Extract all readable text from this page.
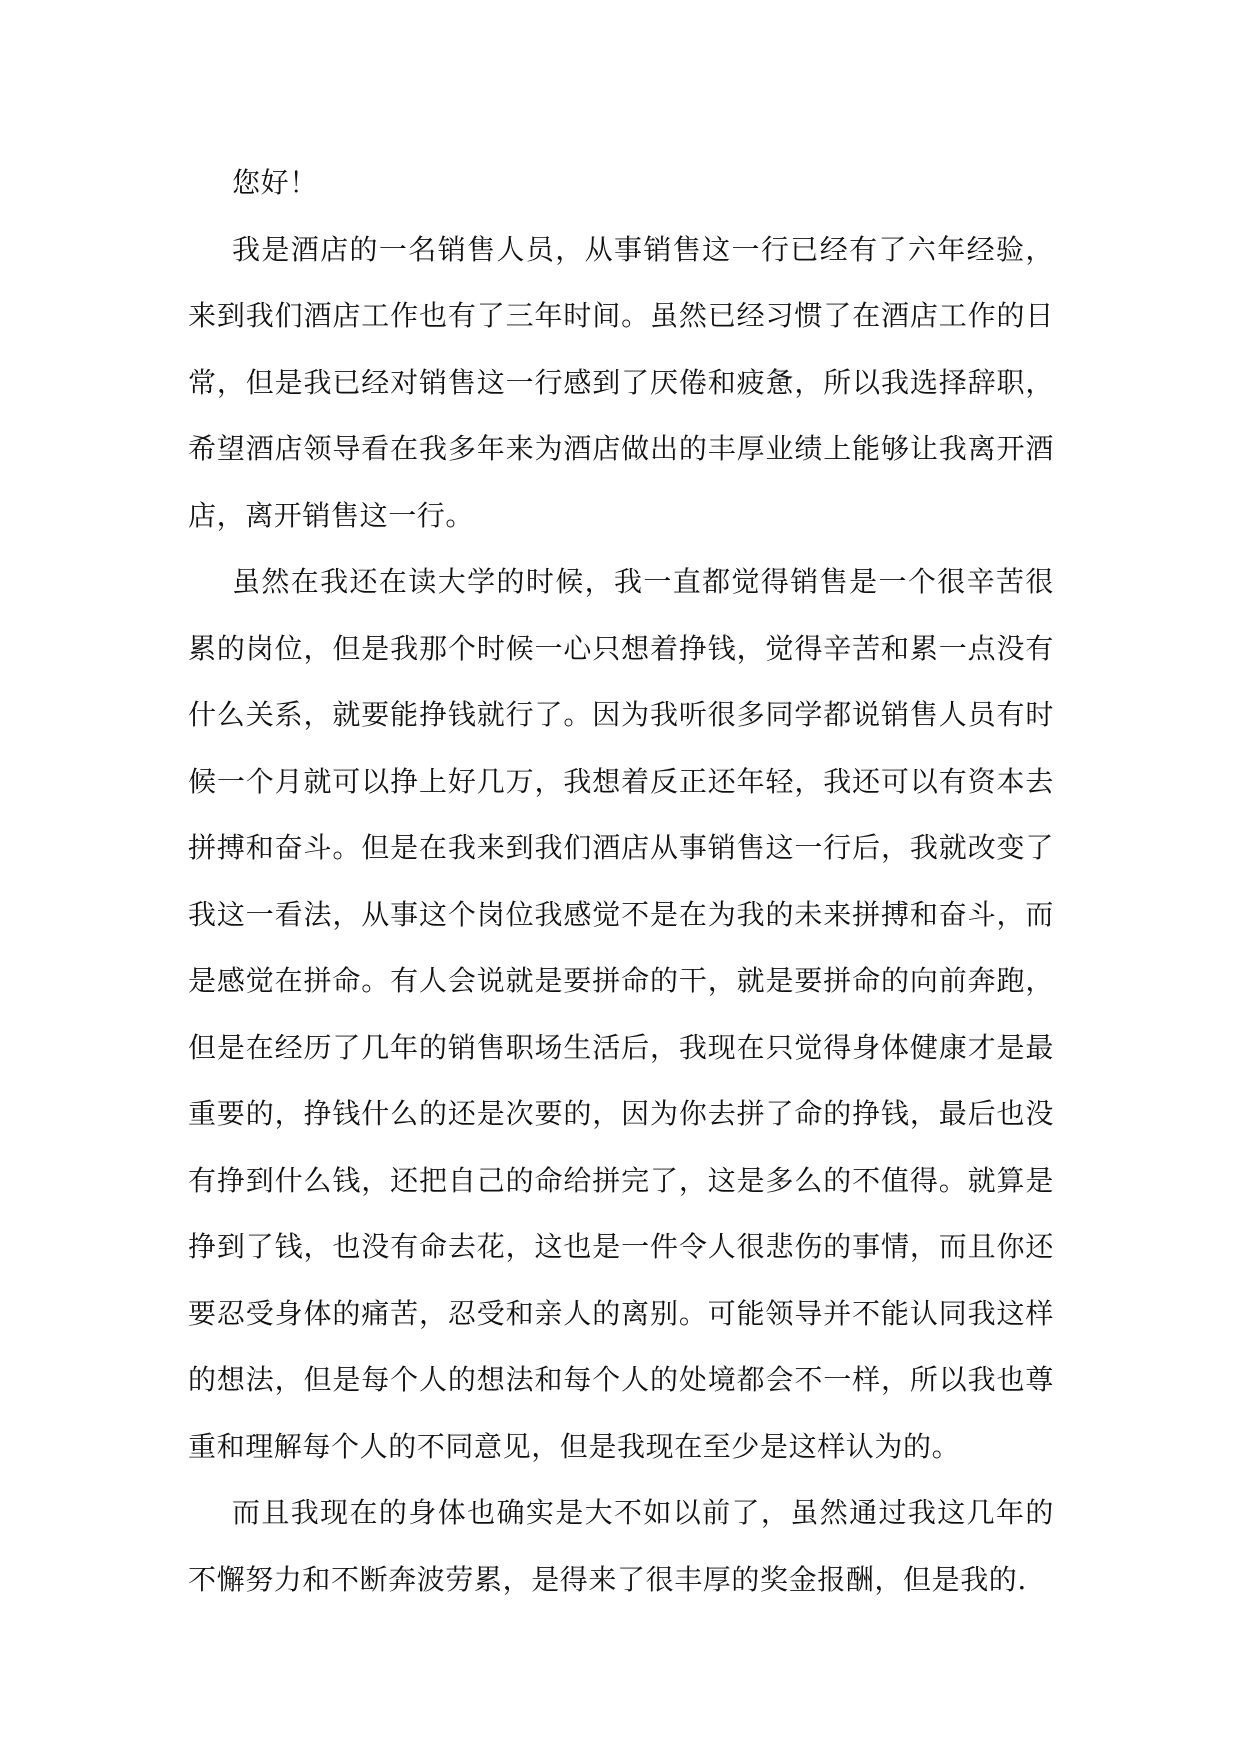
您好！

我是酒店的一名销售人员，从事销售这一行已经有了六年经验，来到我们酒店工作也有了三年时间。虽然已经习惯了在酒店工作的日常，但是我已经对销售这一行感到了厌倦和疲惫，所以我选择辞职，希望酒店领导看在我多年来为酒店做出的丰厚业绩上能够让我离开酒店，离开销售这一行。

虽然在我还在读大学的时候，我一直都觉得销售是一个很辛苦很累的岗位，但是我那个时候一心只想着挣钱，觉得辛苦和累一点没有什么关系，就要能挣钱就行了。因为我听很多同学都说销售人员有时候一个月就可以挣上好几万，我想着反正还年轻，我还可以有资本去拼搏和奋斗。但是在我来到我们酒店从事销售这一行后，我就改变了我这一看法，从事这个岗位我感觉不是在为我的未来拼搏和奋斗，而是感觉在拼命。有人会说就是要拼命的干，就是要拼命的向前奔跑，但是在经历了几年的销售职场生活后，我现在只觉得身体健康才是最重要的，挣钱什么的还是次要的，因为你去拼了命的挣钱，最后也没有挣到什么钱，还把自己的命给拼完了，这是多么的不值得。就算是挣到了钱，也没有命去花，这也是一件令人很悲伤的事情，而且你还要忍受身体的痛苦，忍受和亲人的离别。可能领导并不能认同我这样的想法，但是每个人的想法和每个人的处境都会不一样，所以我也尊重和理解每个人的不同意见，但是我现在至少是这样认为的。

而且我现在的身体也确实是大不如以前了，虽然通过我这几年的不懈努力和不断奔波劳累，是得来了很丰厚的奖金报酬，但是我的.
